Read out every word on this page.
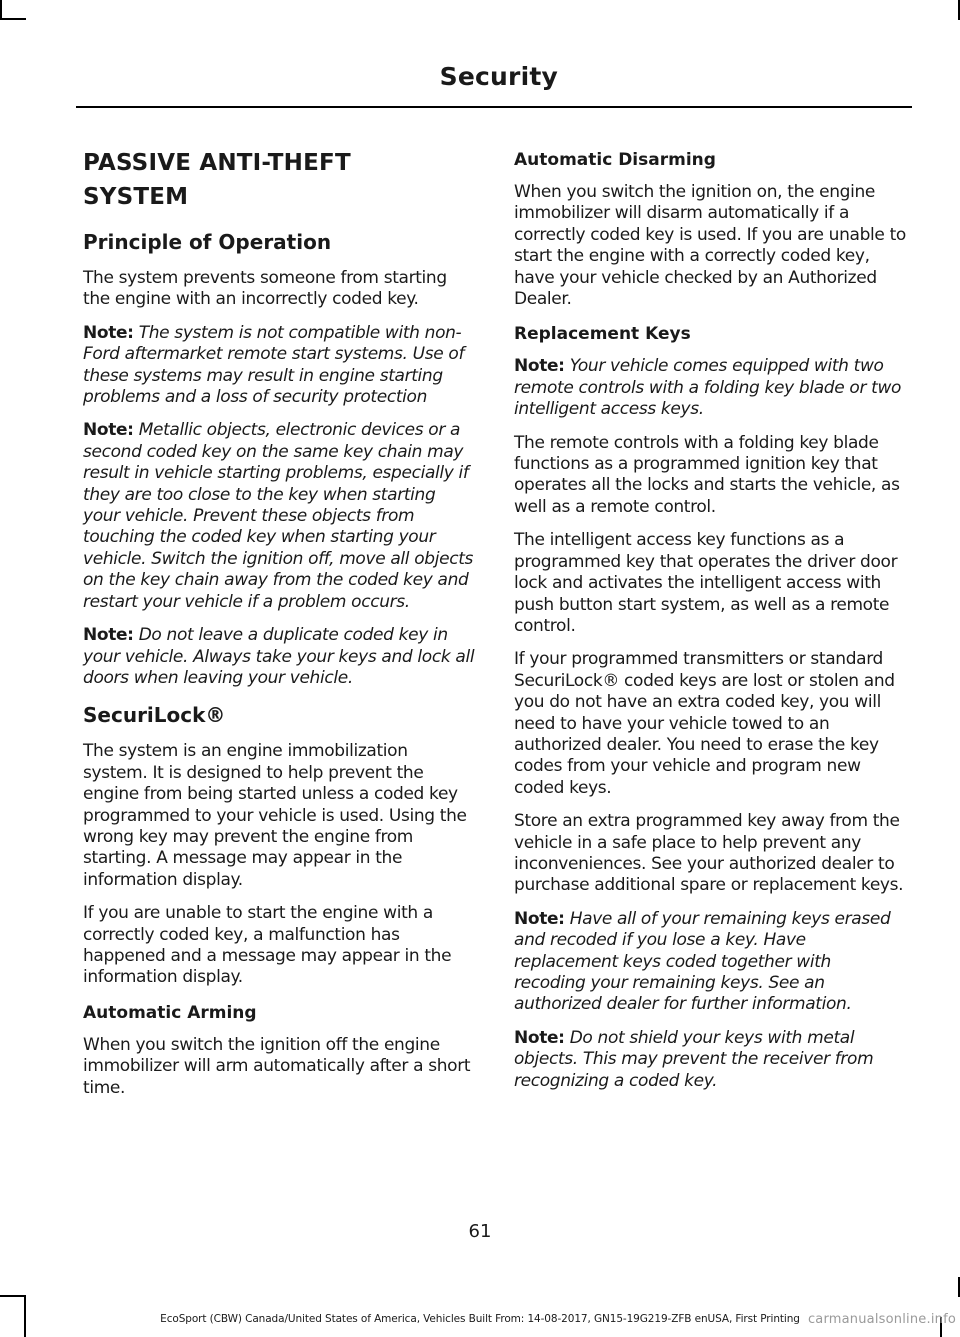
Security
PASSIVE ANTI-THEFT
SYSTEM
Principle of Operation

The system prevents someone from starting the engine with an incorrectly coded key.

Note: The system is not compatible with non-Ford aftermarket remote start systems. Use of these systems may result in engine starting problems and a loss of security protection

Note: Metallic objects, electronic devices or a second coded key on the same key chain may result in vehicle starting problems, especially if they are too close to the key when starting your vehicle. Prevent these objects from touching the coded key when starting your vehicle. Switch the ignition off, move all objects on the key chain away from the coded key and restart your vehicle if a problem occurs.

Note: Do not leave a duplicate coded key in your vehicle. Always take your keys and lock all doors when leaving your vehicle.

SecuriLock®

The system is an engine immobilization system. It is designed to help prevent the engine from being started unless a coded key programmed to your vehicle is used. Using the wrong key may prevent the engine from starting. A message may appear in the information display.

If you are unable to start the engine with a correctly coded key, a malfunction has happened and a message may appear in the information display.

Automatic Arming

When you switch the ignition off the engine immobilizer will arm automatically after a short time.

Automatic Disarming

When you switch the ignition on, the engine immobilizer will disarm automatically if a correctly coded key is used. If you are unable to start the engine with a correctly coded key, have your vehicle checked by an Authorized Dealer.

Replacement Keys

Note: Your vehicle comes equipped with two remote controls with a folding key blade or two intelligent access keys.

The remote controls with a folding key blade functions as a programmed ignition key that operates all the locks and starts the vehicle, as well as a remote control.

The intelligent access key functions as a programmed key that operates the driver door lock and activates the intelligent access with push button start system, as well as a remote control.

If your programmed transmitters or standard SecuriLock® coded keys are lost or stolen and you do not have an extra coded key, you will need to have your vehicle towed to an authorized dealer. You need to erase the key codes from your vehicle and program new coded keys.

Store an extra programmed key away from the vehicle in a safe place to help prevent any inconveniences. See your authorized dealer to purchase additional spare or replacement keys.

Note: Have all of your remaining keys erased and recoded if you lose a key. Have replacement keys coded together with recoding your remaining keys. See an authorized dealer for further information.

Note: Do not shield your keys with metal objects. This may prevent the receiver from recognizing a coded key.

61
EcoSport (CBW) Canada/United States of America, Vehicles Built From: 14-08-2017, GN15-19G219-ZFB enUSA, First Printing carmanualsonline.info
